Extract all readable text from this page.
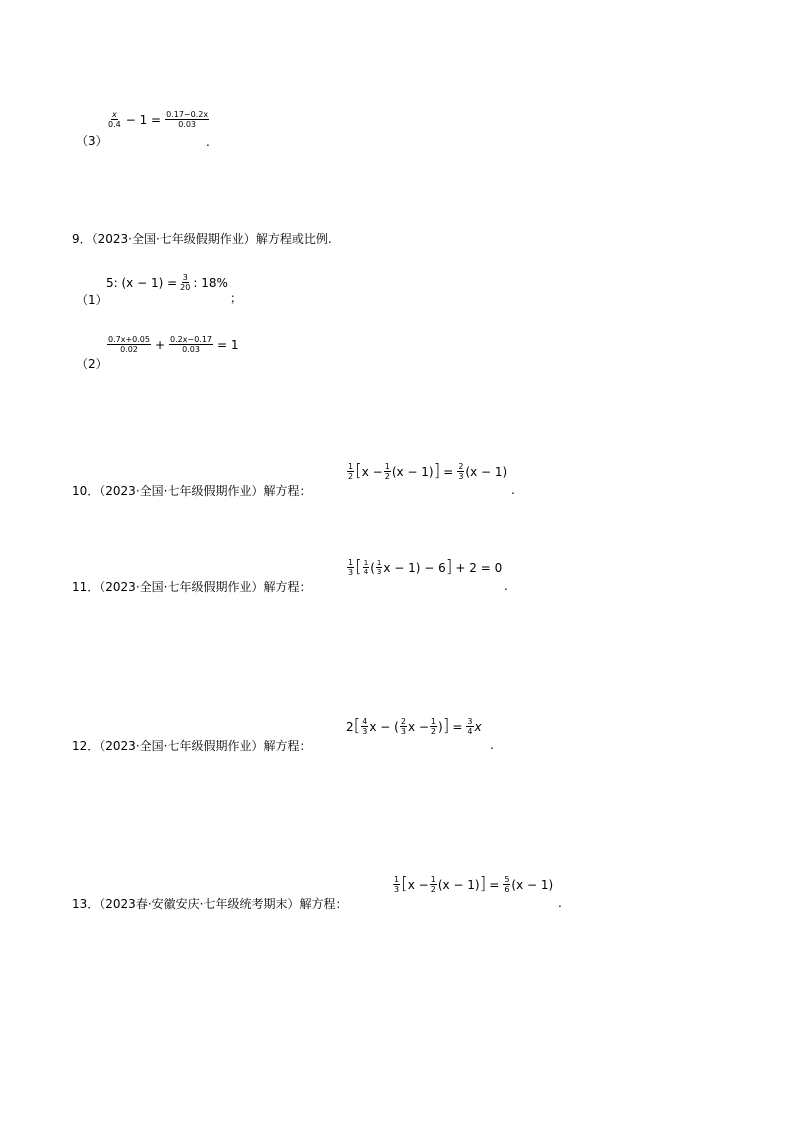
（3）
$\frac{x}{0.4} - 1 = \frac{0.17-0.2x}{0.03}$
.
9．（2023·全国·七年级假期作业）解方程或比例.
（1）
5: $(x - 1) = \frac{3}{20}$ : 18%
；
（2）
$\frac{0.7x+0.05}{0.02} + \frac{0.2x-0.17}{0.03} = 1$
10．（2023·全国·七年级假期作业）解方程：
$\frac{1}{2}$ [ $x - \frac{1}{2} (x - 1)$ ] = $\frac{2}{3} (x - 1)$
.
11．（2023·全国·七年级假期作业）解方程：
$\frac{1}{3}$ [ $\frac{1}{4}$ ( $\frac{1}{3}$ x − 1) − 6 ] + 2 = 0
.
12．（2023·全国·七年级假期作业）解方程：
2 [ $\frac{4}{3}$ x − ( $\frac{2}{3}$ $x - \frac{1}{2}$ ) ] = $\frac{3}{4}$ x
.
13．（2023春·安徽安庆·七年级统考期末）解方程：
$\frac{1}{3}$ [ $x - \frac{1}{2} (x - 1)$ ] = $\frac{5}{6} (x - 1)$
.
